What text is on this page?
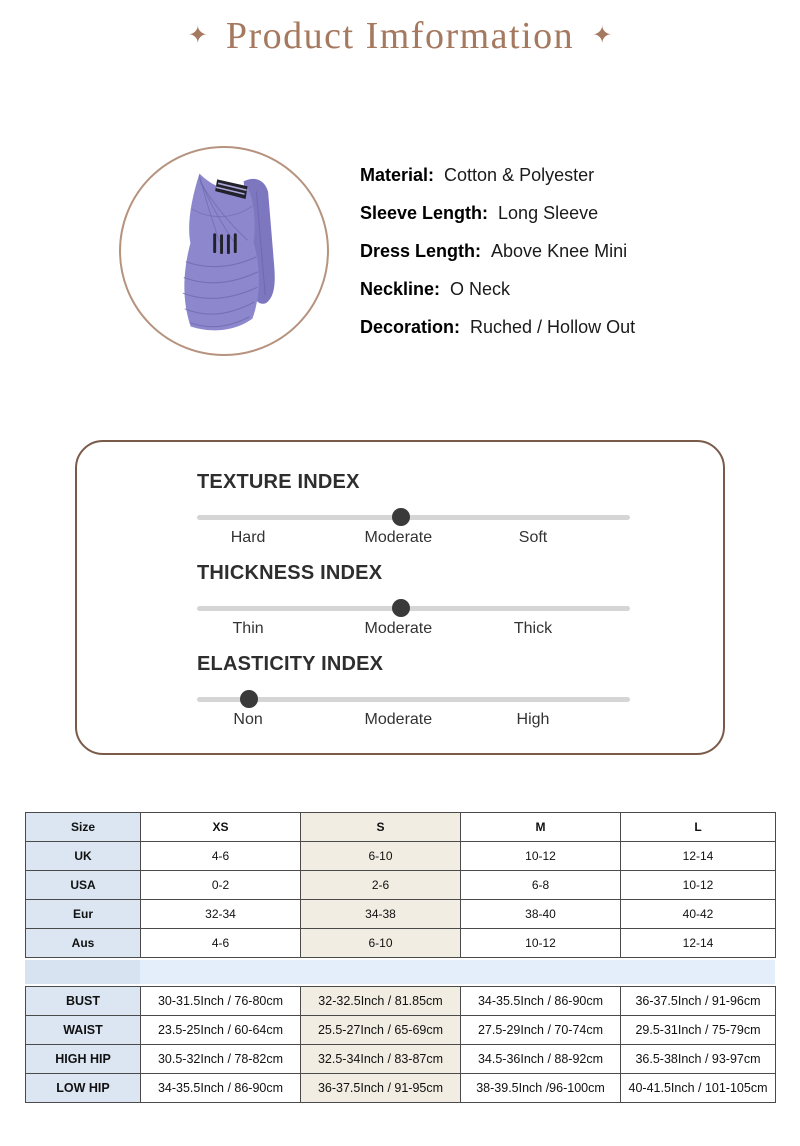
✦ Product Imformation ✦
Material: Cotton & Polyester
Sleeve Length: Long Sleeve
Dress Length: Above Knee Mini
Neckline: O Neck
Decoration: Ruched / Hollow Out
TEXTURE INDEX
Hard	Moderate	Soft
THICKNESS INDEX
Thin	Moderate	Thick
ELASTICITY INDEX
Non	Moderate	High
Size	XS	S	M	L
UK	4-6	6-10	10-12	12-14
USA	0-2	2-6	6-8	10-12
Eur	32-34	34-38	38-40	40-42
Aus	4-6	6-10	10-12	12-14
BUST	30-31.5Inch / 76-80cm	32-32.5Inch / 81.85cm	34-35.5Inch / 86-90cm	36-37.5Inch / 91-96cm
WAIST	23.5-25Inch / 60-64cm	25.5-27Inch / 65-69cm	27.5-29Inch / 70-74cm	29.5-31Inch / 75-79cm
HIGH HIP	30.5-32Inch / 78-82cm	32.5-34Inch / 83-87cm	34.5-36Inch / 88-92cm	36.5-38Inch / 93-97cm
LOW HIP	34-35.5Inch / 86-90cm	36-37.5Inch / 91-95cm	38-39.5Inch /96-100cm	40-41.5Inch / 101-105cm
